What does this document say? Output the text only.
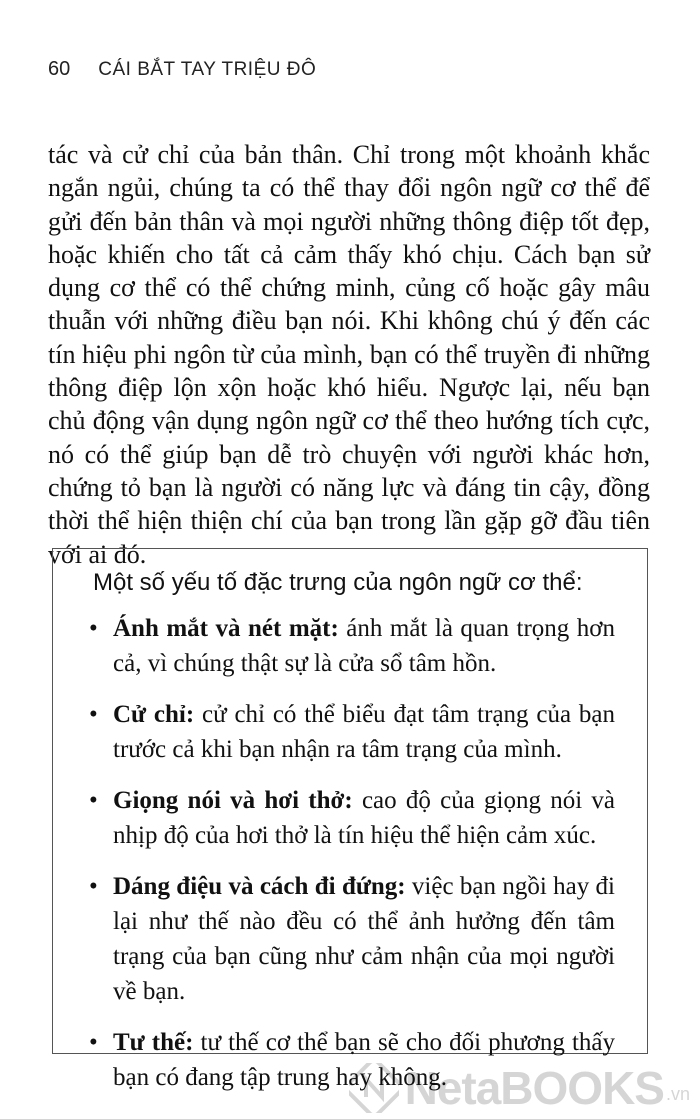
60 CÁI BẮT TAY TRIỆU ĐÔ

tác và cử chỉ của bản thân. Chỉ trong một khoảnh khắc ngắn ngủi, chúng ta có thể thay đổi ngôn ngữ cơ thể để gửi đến bản thân và mọi người những thông điệp tốt đẹp, hoặc khiến cho tất cả cảm thấy khó chịu. Cách bạn sử dụng cơ thể có thể chứng minh, củng cố hoặc gây mâu thuẫn với những điều bạn nói. Khi không chú ý đến các tín hiệu phi ngôn từ của mình, bạn có thể truyền đi những thông điệp lộn xộn hoặc khó hiểu. Ngược lại, nếu bạn chủ động vận dụng ngôn ngữ cơ thể theo hướng tích cực, nó có thể giúp bạn dễ trò chuyện với người khác hơn, chứng tỏ bạn là người có năng lực và đáng tin cậy, đồng thời thể hiện thiện chí của bạn trong lần gặp gỡ đầu tiên với ai đó.

Một số yếu tố đặc trưng của ngôn ngữ cơ thể:

• Ánh mắt và nét mặt: ánh mắt là quan trọng hơn cả, vì chúng thật sự là cửa sổ tâm hồn.
• Cử chỉ: cử chỉ có thể biểu đạt tâm trạng của bạn trước cả khi bạn nhận ra tâm trạng của mình.
• Giọng nói và hơi thở: cao độ của giọng nói và nhịp độ của hơi thở là tín hiệu thể hiện cảm xúc.
• Dáng điệu và cách đi đứng: việc bạn ngồi hay đi lại như thế nào đều có thể ảnh hưởng đến tâm trạng của bạn cũng như cảm nhận của mọi người về bạn.
• Tư thế: tư thế cơ thể bạn sẽ cho đối phương thấy bạn có đang tập trung hay không.
NetaBOOKS .vn
